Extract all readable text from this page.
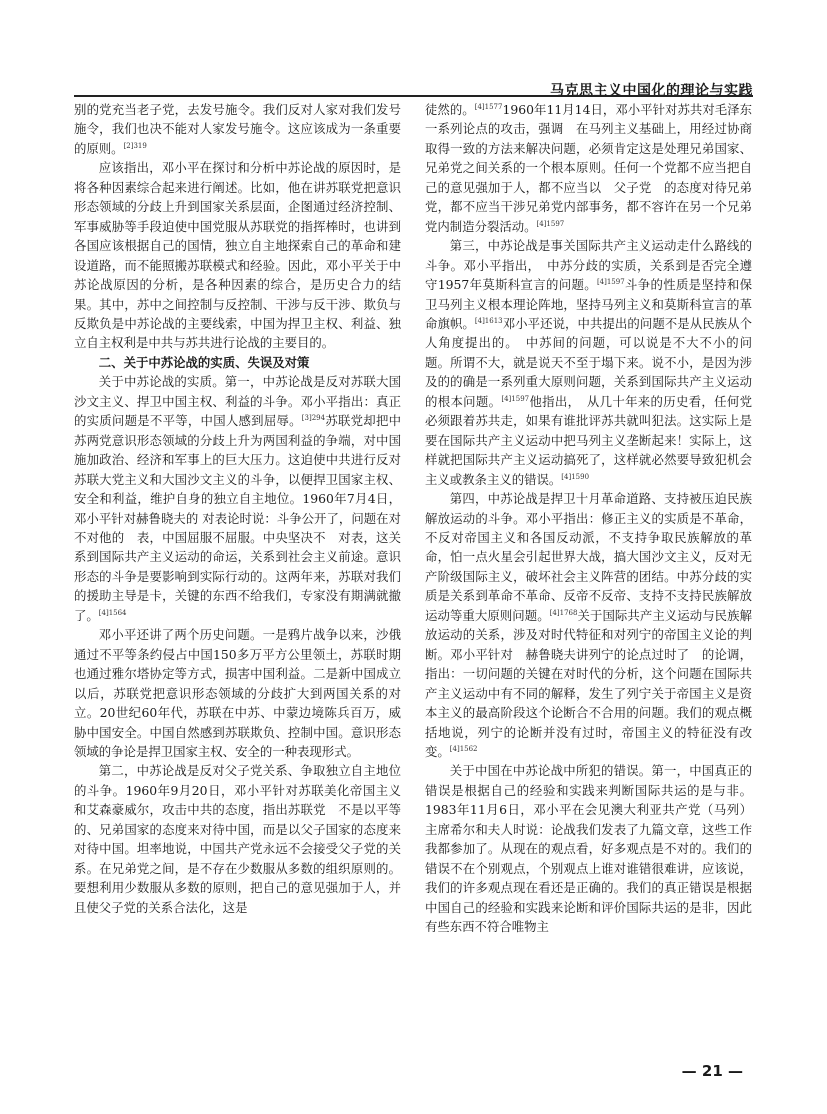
马克思主义中国化的理论与实践

别的党充当老子党，去发号施令。我们反对人家对我们发号施令，我们也决不能对人家发号施令。这应该成为一条重要的原则。$^{[2]319}$

应该指出，邓小平在探讨和分析中苏论战的原因时，是将各种因素综合起来进行阐述。比如，他在讲苏联党把意识形态领域的分歧上升到国家关系层面，企图通过经济控制、军事威胁等手段迫使中国党服从苏联党的指挥棒时，也讲到各国应该根据自己的国情，独立自主地探索自己的革命和建设道路，而不能照搬苏联模式和经验。因此，邓小平关于中苏论战原因的分析，是各种因素的综合，是历史合力的结果。其中，苏中之间控制与反控制、干涉与反干涉、欺负与反欺负是中苏论战的主要线索，中国为捍卫主权、利益、独立自主权利是中共与苏共进行论战的主要目的。

二、关于中苏论战的实质、失误及对策

关于中苏论战的实质。第一，中苏论战是反对苏联大国沙文主义、捍卫中国主权、利益的斗争。邓小平指出：真正的实质问题是不平等，中国人感到屈辱。$^{[3]294}$苏联党却把中苏两党意识形态领域的分歧上升为两国利益的争端，对中国施加政治、经济和军事上的巨大压力。这迫使中共进行反对苏联大党主义和大国沙文主义的斗争，以便捍卫国家主权、安全和利益，维护自身的独立自主地位。1960年7月4日，邓小平针对赫鲁晓夫的 对表论时说：斗争公开了，问题在对不对他的　表，中国屈服不屈服。中央坚决不　对表，这关系到国际共产主义运动的命运，关系到社会主义前途。意识形态的斗争是要影响到实际行动的。这两年来，苏联对我们的援助主导是卡，关键的东西不给我们，专家没有期满就撤了。$^{[4]1564}$

邓小平还讲了两个历史问题。一是鸦片战争以来，沙俄通过不平等条约侵占中国150多万平方公里领土，苏联时期也通过雅尔塔协定等方式，损害中国利益。二是新中国成立以后，苏联党把意识形态领域的分歧扩大到两国关系的对立。20世纪60年代，苏联在中苏、中蒙边境陈兵百万，威胁中国安全。中国自然感到苏联欺负、控制中国。意识形态领域的争论是捍卫国家主权、安全的一种表现形式。

第二，中苏论战是反对父子党关系、争取独立自主地位的斗争。1960年9月20日，邓小平针对苏联美化帝国主义和艾森豪威尔，攻击中共的态度，指出苏联党　不是以平等的、兄弟国家的态度来对待中国，而是以父子国家的态度来对待中国。坦率地说，中国共产党永远不会接受父子党的关系。在兄弟党之间，是不存在少数服从多数的组织原则的。要想利用少数服从多数的原则，把自己的意见强加于人，并且使父子党的关系合法化，这是

徒然的。$^{[4]1577}$1960年11月14日，邓小平针对苏共对毛泽东一系列论点的攻击，强调　在马列主义基础上，用经过协商取得一致的方法来解决问题，必须肯定这是处理兄弟国家、兄弟党之间关系的一个根本原则。任何一个党都不应当把自己的意见强加于人，都不应当以　父子党　的态度对待兄弟党，都不应当干涉兄弟党内部事务，都不容许在另一个兄弟党内制造分裂活动。$^{[4]1597}$

第三，中苏论战是事关国际共产主义运动走什么路线的斗争。邓小平指出，　中苏分歧的实质，关系到是否完全遵守1957年莫斯科宣言的问题。$^{[4]1597}$斗争的性质是坚持和保卫马列主义根本理论阵地，坚持马列主义和莫斯科宣言的革命旗帜。$^{[4]1613}$邓小平还说，中共提出的问题不是从民族从个人角度提出的。　中苏间的问题，可以说是不大不小的问题。所谓不大，就是说天不至于塌下来。说不小，是因为涉及的的确是一系列重大原则问题，关系到国际共产主义运动的根本问题。$^{[4]1597}$他指出，　从几十年来的历史看，任何党必须跟着苏共走，如果有谁批评苏共就叫犯法。这实际上是要在国际共产主义运动中把马列主义垄断起来！实际上，这样就把国际共产主义运动搞死了，这样就必然要导致犯机会主义或教条主义的错误。$^{[4]1590}$

第四，中苏论战是捍卫十月革命道路、支持被压迫民族解放运动的斗争。邓小平指出：修正主义的实质是不革命，不反对帝国主义和各国反动派，不支持争取民族解放的革命，怕一点火星会引起世界大战，搞大国沙文主义，反对无产阶级国际主义，破坏社会主义阵营的团结。中苏分歧的实质是关系到革命不革命、反帝不反帝、支持不支持民族解放运动等重大原则问题。$^{[4]1768}$关于国际共产主义运动与民族解放运动的关系，涉及对时代特征和对列宁的帝国主义论的判断。邓小平针对　赫鲁晓夫讲列宁的论点过时了　的论调，指出：一切问题的关键在对时代的分析，这个问题在国际共产主义运动中有不同的解释，发生了列宁关于帝国主义是资本主义的最高阶段这个论断合不合用的问题。我们的观点概括地说，列宁的论断并没有过时，帝国主义的特征没有改变。$^{[4]1562}$

关于中国在中苏论战中所犯的错误。第一，中国真正的错误是根据自己的经验和实践来判断国际共运的是与非。1983年11月6日，邓小平在会见澳大利亚共产党（马列）主席希尔和夫人时说：论战我们发表了九篇文章，这些工作我都参加了。从现在的观点看，好多观点是不对的。我们的错误不在个别观点，个别观点上谁对谁错很难讲，应该说，我们的许多观点现在看还是正确的。我们的真正错误是根据中国自己的经验和实践来论断和评价国际共运的是非，因此有些东西不符合唯物主

— 21 —
